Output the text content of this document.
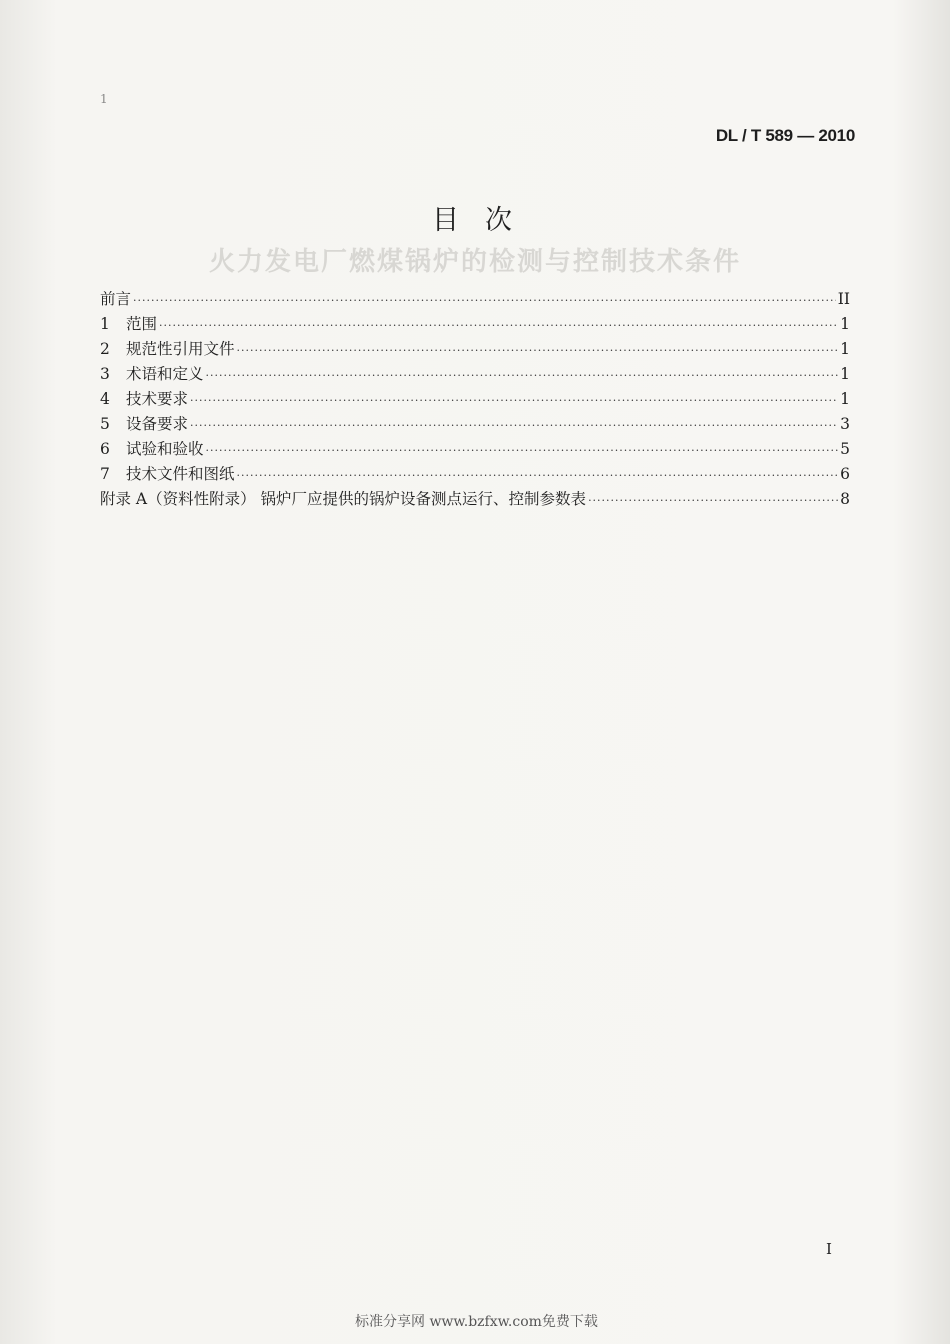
1
DL / T 589 — 2010
目次
火力发电厂燃煤锅炉的检测与控制技术条件
前言 ·····	II
1	范围 ·····	1
2	规范性引用文件 ·····	1
3	术语和定义 ·····	1
4	技术要求 ·····	1
5	设备要求 ·····	3
6	试验和验收 ·····	5
7	技术文件和图纸 ·····	6
附录 A（资料性附录） 锅炉厂应提供的锅炉设备测点运行、控制参数表 ·····	8
I
标准分享网 www.bzfxw.com免费下载
